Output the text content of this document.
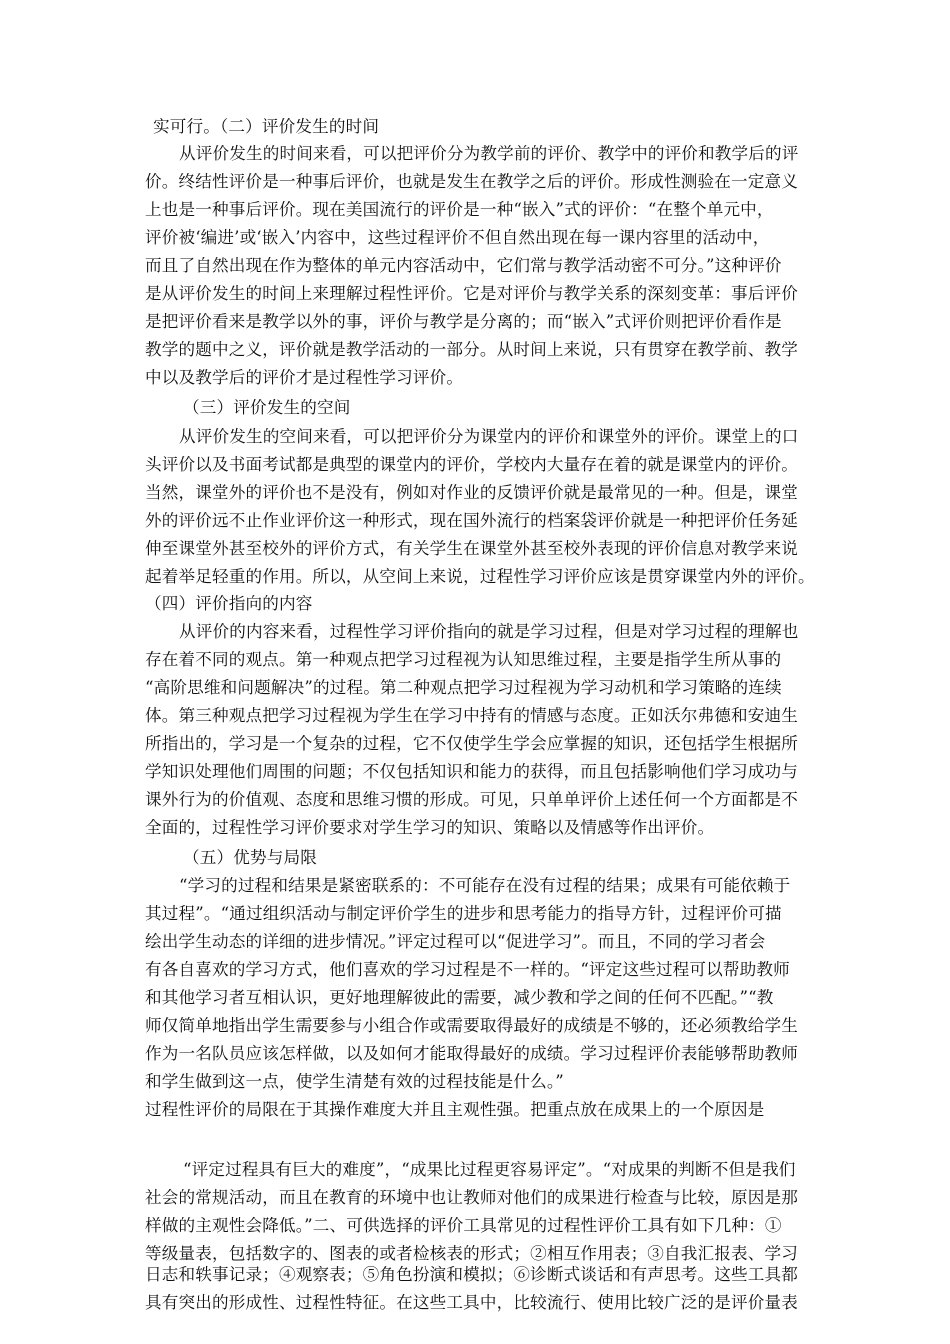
实可行。（二）评价发生的时间
从评价发生的时间来看，可以把评价分为教学前的评价、教学中的评价和教学后的评
价。终结性评价是一种事后评价，也就是发生在教学之后的评价。形成性测验在一定意义
上也是一种事后评价。现在美国流行的评价是一种“嵌入”式的评价：“在整个单元中，
评价被‘编进’或‘嵌入’内容中，这些过程评价不但自然出现在每一课内容里的活动中，
而且了自然出现在作为整体的单元内容活动中，它们常与教学活动密不可分。”这种评价
是从评价发生的时间上来理解过程性评价。它是对评价与教学关系的深刻变革：事后评价
是把评价看来是教学以外的事，评价与教学是分离的；而“嵌入”式评价则把评价看作是
教学的题中之义，评价就是教学活动的一部分。从时间上来说，只有贯穿在教学前、教学
中以及教学后的评价才是过程性学习评价。
（三）评价发生的空间
从评价发生的空间来看，可以把评价分为课堂内的评价和课堂外的评价。课堂上的口
头评价以及书面考试都是典型的课堂内的评价，学校内大量存在着的就是课堂内的评价。
当然，课堂外的评价也不是没有，例如对作业的反馈评价就是最常见的一种。但是，课堂
外的评价远不止作业评价这一种形式，现在国外流行的档案袋评价就是一种把评价任务延
伸至课堂外甚至校外的评价方式，有关学生在课堂外甚至校外表现的评价信息对教学来说
起着举足轻重的作用。所以，从空间上来说，过程性学习评价应该是贯穿课堂内外的评价。
（四）评价指向的内容
从评价的内容来看，过程性学习评价指向的就是学习过程，但是对学习过程的理解也
存在着不同的观点。第一种观点把学习过程视为认知思维过程，主要是指学生所从事的
“高阶思维和问题解决”的过程。第二种观点把学习过程视为学习动机和学习策略的连续
体。第三种观点把学习过程视为学生在学习中持有的情感与态度。正如沃尔弗德和安迪生
所指出的，学习是一个复杂的过程，它不仅使学生学会应掌握的知识，还包括学生根据所
学知识处理他们周围的问题；不仅包括知识和能力的获得，而且包括影响他们学习成功与
课外行为的价值观、态度和思维习惯的形成。可见，只单单评价上述任何一个方面都是不
全面的，过程性学习评价要求对学生学习的知识、策略以及情感等作出评价。
（五）优势与局限
“学习的过程和结果是紧密联系的：不可能存在没有过程的结果；成果有可能依赖于
其过程”。“通过组织活动与制定评价学生的进步和思考能力的指导方针，过程评价可描
绘出学生动态的详细的进步情况。”评定过程可以“促进学习”。而且，不同的学习者会
有各自喜欢的学习方式，他们喜欢的学习过程是不一样的。“评定这些过程可以帮助教师
和其他学习者互相认识，更好地理解彼此的需要，减少教和学之间的任何不匹配。”“教
师仅简单地指出学生需要参与小组合作或需要取得最好的成绩是不够的，还必须教给学生
作为一名队员应该怎样做，以及如何才能取得最好的成绩。学习过程评价表能够帮助教师
和学生做到这一点，使学生清楚有效的过程技能是什么。”
过程性评价的局限在于其操作难度大并且主观性强。把重点放在成果上的一个原因是
“评定过程具有巨大的难度”，“成果比过程更容易评定”。“对成果的判断不但是我们
社会的常规活动，而且在教育的环境中也让教师对他们的成果进行检查与比较，原因是那
样做的主观性会降低。”二、可供选择的评价工具常见的过程性评价工具有如下几种：①
等级量表，包括数字的、图表的或者检核表的形式；②相互作用表；③自我汇报表、学习
日志和轶事记录；④观察表；⑤角色扮演和模拟；⑥诊断式谈话和有声思考。这些工具都
具有突出的形成性、过程性特征。在这些工具中，比较流行、使用比较广泛的是评价量表
